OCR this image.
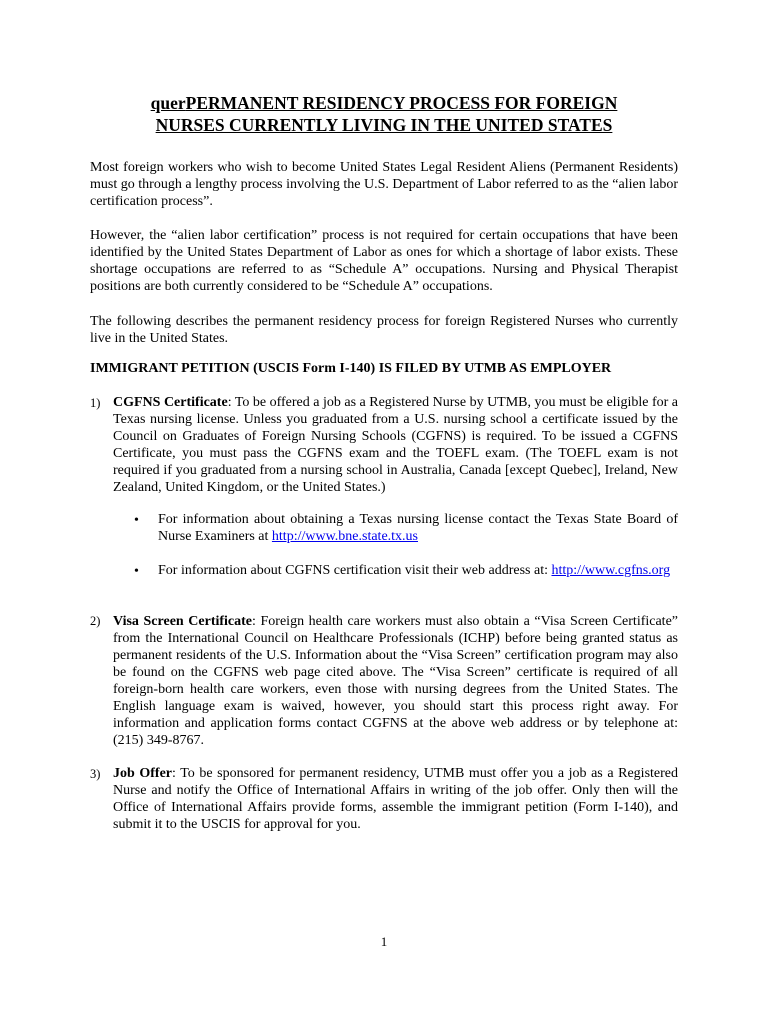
querPERMANENT RESIDENCY PROCESS FOR FOREIGN
NURSES CURRENTLY LIVING IN THE UNITED STATES

Most foreign workers who wish to become United States Legal Resident Aliens (Permanent Residents) must go through a lengthy process involving the U.S. Department of Labor referred to as the “alien labor certification process”.

However, the “alien labor certification” process is not required for certain occupations that have been identified by the United States Department of Labor as ones for which a shortage of labor exists. These shortage occupations are referred to as “Schedule A” occupations. Nursing and Physical Therapist positions are both currently considered to be “Schedule A” occupations.

The following describes the permanent residency process for foreign Registered Nurses who currently live in the United States.

IMMIGRANT PETITION (USCIS Form I-140) IS FILED BY UTMB AS EMPLOYER

1) CGFNS Certificate: To be offered a job as a Registered Nurse by UTMB, you must be eligible for a Texas nursing license. Unless you graduated from a U.S. nursing school a certificate issued by the Council on Graduates of Foreign Nursing Schools (CGFNS) is required. To be issued a CGFNS Certificate, you must pass the CGFNS exam and the TOEFL exam. (The TOEFL exam is not required if you graduated from a nursing school in Australia, Canada [except Quebec], Ireland, New Zealand, United Kingdom, or the United States.)

• For information about obtaining a Texas nursing license contact the Texas State Board of Nurse Examiners at http://www.bne.state.tx.us

• For information about CGFNS certification visit their web address at: http://www.cgfns.org

2) Visa Screen Certificate: Foreign health care workers must also obtain a “Visa Screen Certificate” from the International Council on Healthcare Professionals (ICHP) before being granted status as permanent residents of the U.S. Information about the “Visa Screen” certification program may also be found on the CGFNS web page cited above. The “Visa Screen” certificate is required of all foreign-born health care workers, even those with nursing degrees from the United States. The English language exam is waived, however, you should start this process right away. For information and application forms contact CGFNS at the above web address or by telephone at: (215) 349-8767.

3) Job Offer: To be sponsored for permanent residency, UTMB must offer you a job as a Registered Nurse and notify the Office of International Affairs in writing of the job offer. Only then will the Office of International Affairs provide forms, assemble the immigrant petition (Form I-140), and submit it to the USCIS for approval for you.

1
